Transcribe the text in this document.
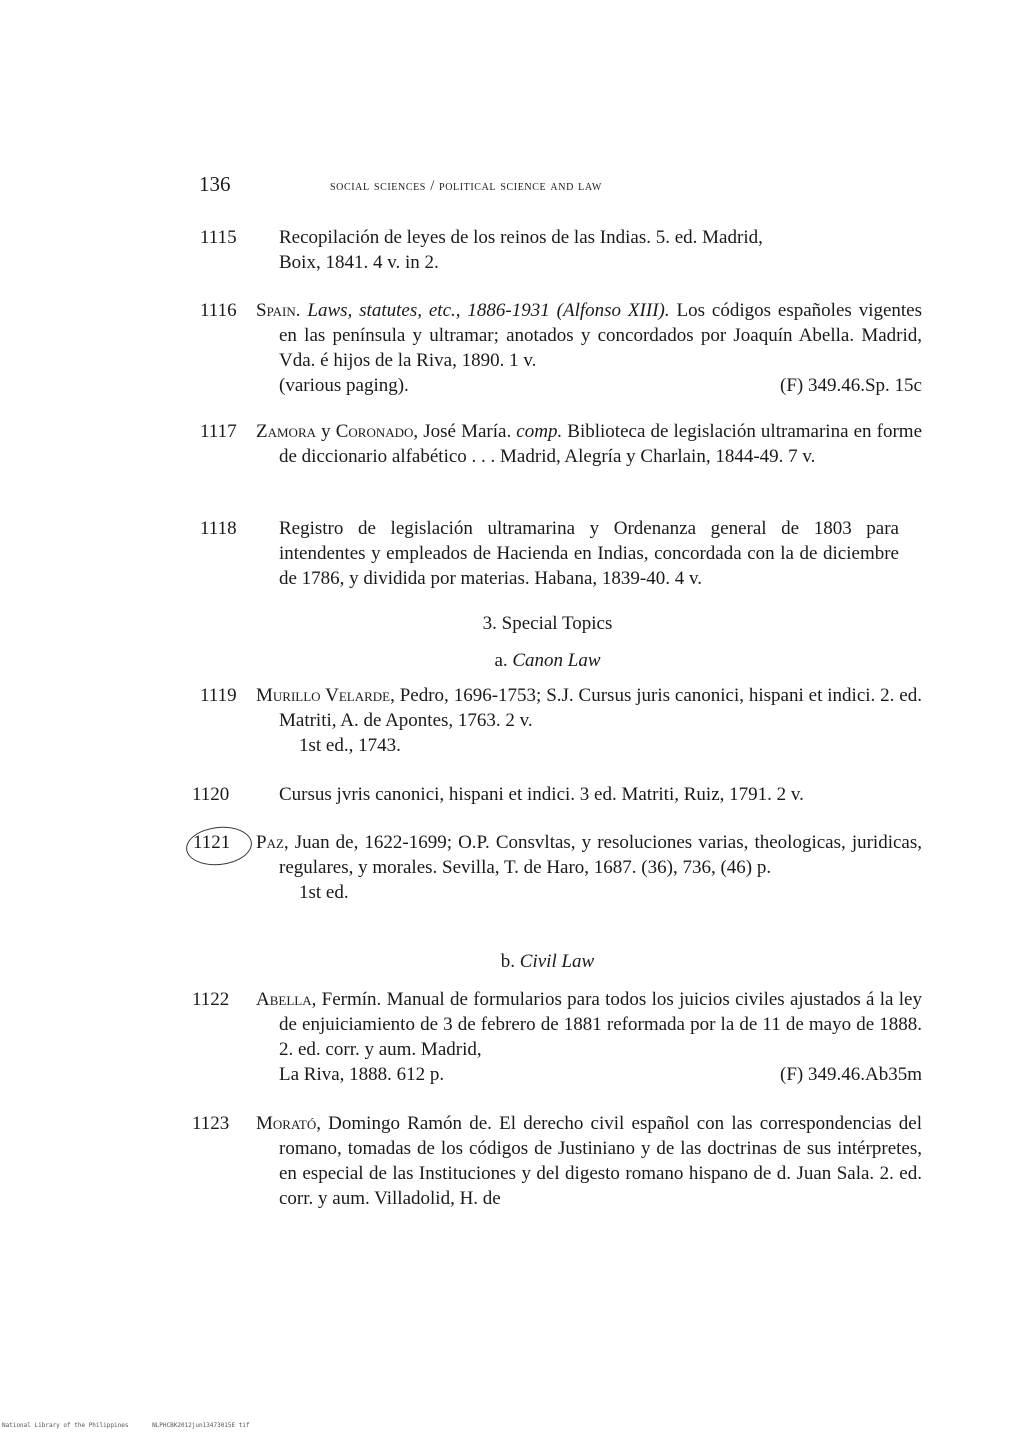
136	social sciences / political science and law
1115 Recopilación de leyes de los reinos de las Indias. 5. ed. Madrid,
Boix, 1841. 4 v. in 2.
1116 Spain. Laws, statutes, etc., 1886-1931 (Alfonso XIII). Los códigos españoles vigentes en las península y ultramar; anotados y concordados por Joaquín Abella. Madrid, Vda. é hijos de la Riva, 1890. 1 v.
(various paging).	(F) 349.46.Sp. 15c
1117 Zamora y Coronado, José María. comp. Biblioteca de legislación ultramarina en forme de diccionario alfabético . . . Madrid, Alegría y Charlain, 1844-49. 7 v.
1118 Registro de legislación ultramarina y Ordenanza general de 1803 para intendentes y empleados de Hacienda en Indias, concordada con la de diciembre de 1786, y dividida por materias. Habana, 1839-40. 4 v.
3. Special Topics
a. Canon Law
1119 Murillo Velarde, Pedro, 1696-1753; S.J. Cursus juris canonici, hispani et indici. 2. ed. Matriti, A. de Apontes, 1763. 2 v.
1st ed., 1743.
1120	Cursus jvris canonici, hispani et indici. 3 ed. Matriti, Ruiz, 1791. 2 v.
1121 Paz, Juan de, 1622-1699; O.P. Consvltas, y resoluciones varias, theologicas, juridicas, regulares, y morales. Sevilla, T. de Haro, 1687. (36), 736, (46) p.
1st ed.
b. Civil Law
1122 Abella, Fermín. Manual de formularios para todos los juicios civiles ajustados á la ley de enjuiciamiento de 3 de febrero de 1881 reformada por la de 11 de mayo de 1888. 2. ed. corr. y aum. Madrid,
La Riva, 1888. 612 p.	(F) 349.46.Ab35m
1123 Morató, Domingo Ramón de. El derecho civil español con las correspondencias del romano, tomadas de los códigos de Justiniano y de las doctrinas de sus intérpretes, en especial de las Instituciones y del digesto romano hispano de d. Juan Sala. 2. ed. corr. y aum. Villadolid, H. de
National Library of the Philippines	NLPHCBK2012jun13473015E tif
